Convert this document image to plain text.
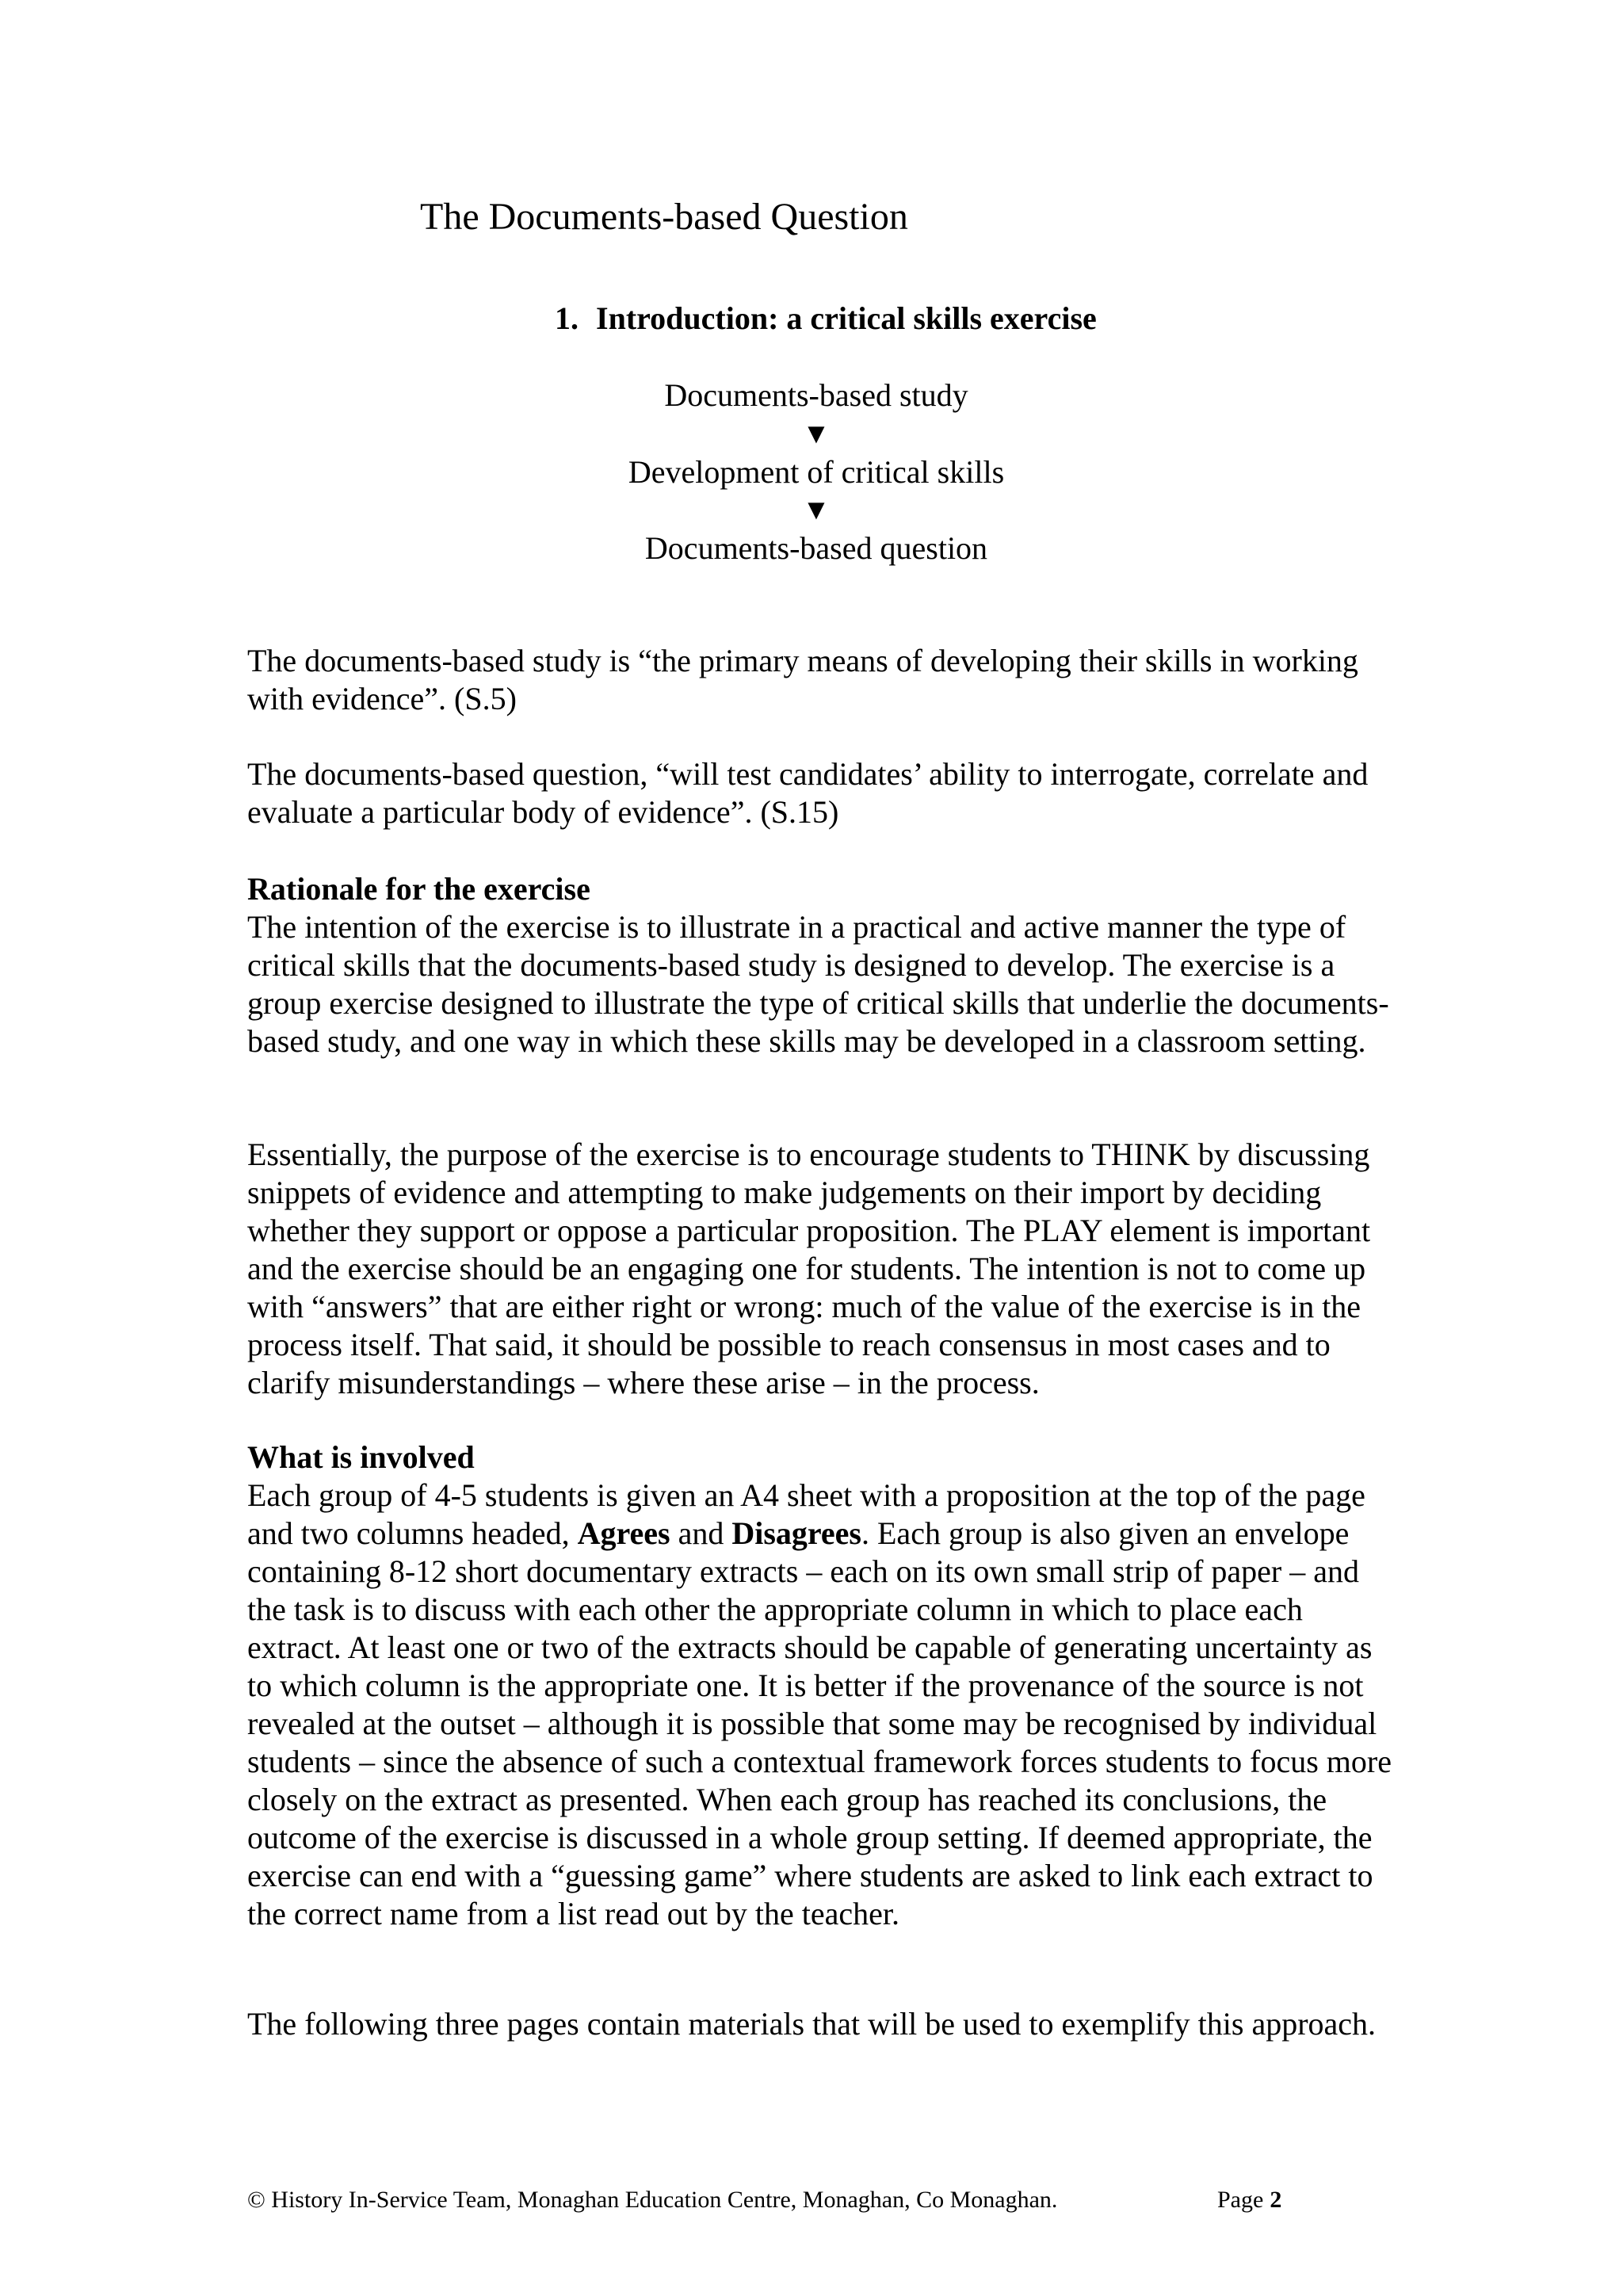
The Documents-based Question
1. Introduction: a critical skills exercise
Documents-based study
▼
Development of critical skills
▼
Documents-based question

The documents-based study is “the primary means of developing their skills in working with evidence”. (S.5)

The documents-based question, “will test candidates’ ability to interrogate, correlate and evaluate a particular body of evidence”. (S.15)

Rationale for the exercise
The intention of the exercise is to illustrate in a practical and active manner the type of critical skills that the documents-based study is designed to develop. The exercise is a group exercise designed to illustrate the type of critical skills that underlie the documents-based study, and one way in which these skills may be developed in a classroom setting.

Essentially, the purpose of the exercise is to encourage students to THINK by discussing snippets of evidence and attempting to make judgements on their import by deciding whether they support or oppose a particular proposition. The PLAY element is important and the exercise should be an engaging one for students. The intention is not to come up with “answers” that are either right or wrong: much of the value of the exercise is in the process itself. That said, it should be possible to reach consensus in most cases and to clarify misunderstandings – where these arise – in the process.

What is involved
Each group of 4-5 students is given an A4 sheet with a proposition at the top of the page and two columns headed, Agrees and Disagrees. Each group is also given an envelope containing 8-12 short documentary extracts – each on its own small strip of paper – and the task is to discuss with each other the appropriate column in which to place each extract. At least one or two of the extracts should be capable of generating uncertainty as to which column is the appropriate one. It is better if the provenance of the source is not revealed at the outset – although it is possible that some may be recognised by individual students – since the absence of such a contextual framework forces students to focus more closely on the extract as presented. When each group has reached its conclusions, the outcome of the exercise is discussed in a whole group setting. If deemed appropriate, the exercise can end with a “guessing game” where students are asked to link each extract to the correct name from a list read out by the teacher.

The following three pages contain materials that will be used to exemplify this approach.

© History In-Service Team, Monaghan Education Centre, Monaghan, Co Monaghan.	Page 2
